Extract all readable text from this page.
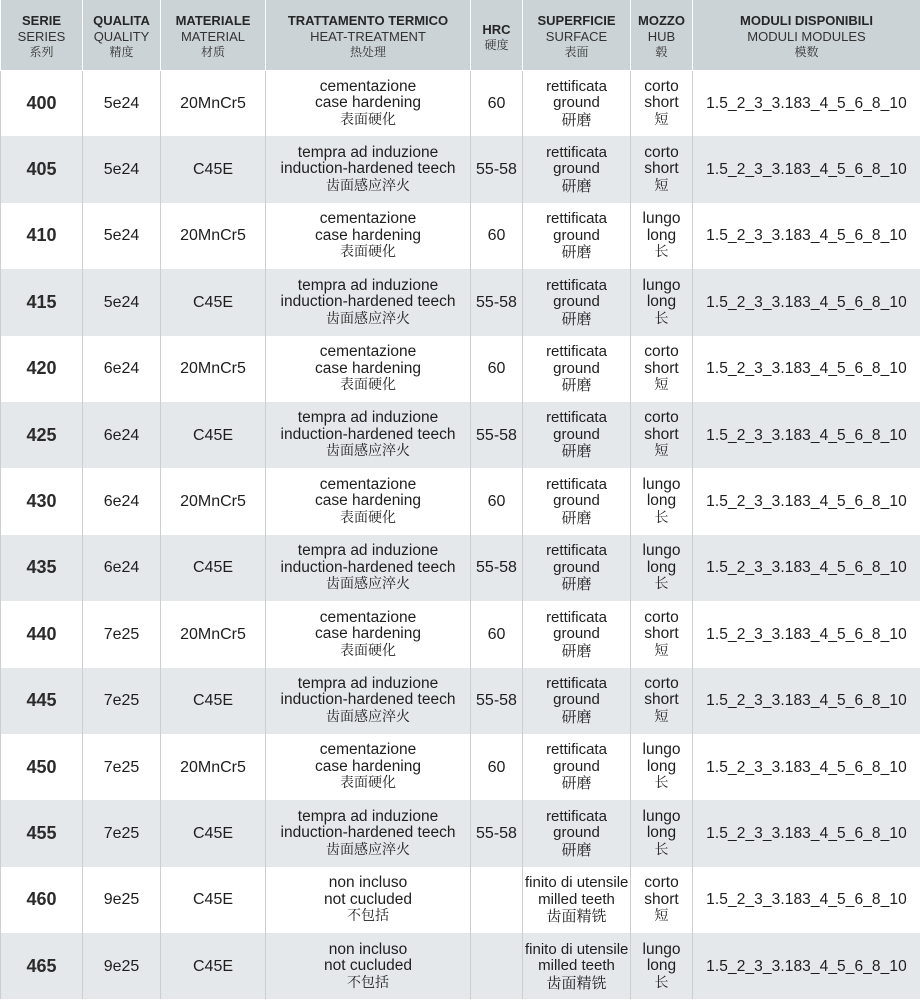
SERIE
SERIES
系列	QUALITA
QUALITY
精度	MATERIALE
MATERIAL
材质	TRATTAMENTO TERMICO
HEAT-TREATMENT
热处理	HRC
硬度	SUPERFICIE
SURFACE
表面	MOZZO
HUB
毂	MODULI DISPONIBILI
MODULI MODULES
模数

400	5e24	20MnCr5	cementazione
case hardening
表面硬化	60	rettificata
ground
研磨	corto
short
短	1.5_2_3_3.183_4_5_6_8_10
405	5e24	C45E	tempra ad induzione
induction-hardened teech
齿面感应淬火	55-58	rettificata
ground
研磨	corto
short
短	1.5_2_3_3.183_4_5_6_8_10
410	5e24	20MnCr5	cementazione
case hardening
表面硬化	60	rettificata
ground
研磨	lungo
long
长	1.5_2_3_3.183_4_5_6_8_10
415	5e24	C45E	tempra ad induzione
induction-hardened teech
齿面感应淬火	55-58	rettificata
ground
研磨	lungo
long
长	1.5_2_3_3.183_4_5_6_8_10
420	6e24	20MnCr5	cementazione
case hardening
表面硬化	60	rettificata
ground
研磨	corto
short
短	1.5_2_3_3.183_4_5_6_8_10
425	6e24	C45E	tempra ad induzione
induction-hardened teech
齿面感应淬火	55-58	rettificata
ground
研磨	corto
short
短	1.5_2_3_3.183_4_5_6_8_10
430	6e24	20MnCr5	cementazione
case hardening
表面硬化	60	rettificata
ground
研磨	lungo
long
长	1.5_2_3_3.183_4_5_6_8_10
435	6e24	C45E	tempra ad induzione
induction-hardened teech
齿面感应淬火	55-58	rettificata
ground
研磨	lungo
long
长	1.5_2_3_3.183_4_5_6_8_10
440	7e25	20MnCr5	cementazione
case hardening
表面硬化	60	rettificata
ground
研磨	corto
short
短	1.5_2_3_3.183_4_5_6_8_10
445	7e25	C45E	tempra ad induzione
induction-hardened teech
齿面感应淬火	55-58	rettificata
ground
研磨	corto
short
短	1.5_2_3_3.183_4_5_6_8_10
450	7e25	20MnCr5	cementazione
case hardening
表面硬化	60	rettificata
ground
研磨	lungo
long
长	1.5_2_3_3.183_4_5_6_8_10
455	7e25	C45E	tempra ad induzione
induction-hardened teech
齿面感应淬火	55-58	rettificata
ground
研磨	lungo
long
长	1.5_2_3_3.183_4_5_6_8_10
460	9e25	C45E	non incluso
not cucluded
不包括		finito di utensile
milled teeth
齿面精铣	corto
short
短	1.5_2_3_3.183_4_5_6_8_10
465	9e25	C45E	non incluso
not cucluded
不包括		finito di utensile
milled teeth
齿面精铣	lungo
long
长	1.5_2_3_3.183_4_5_6_8_10
